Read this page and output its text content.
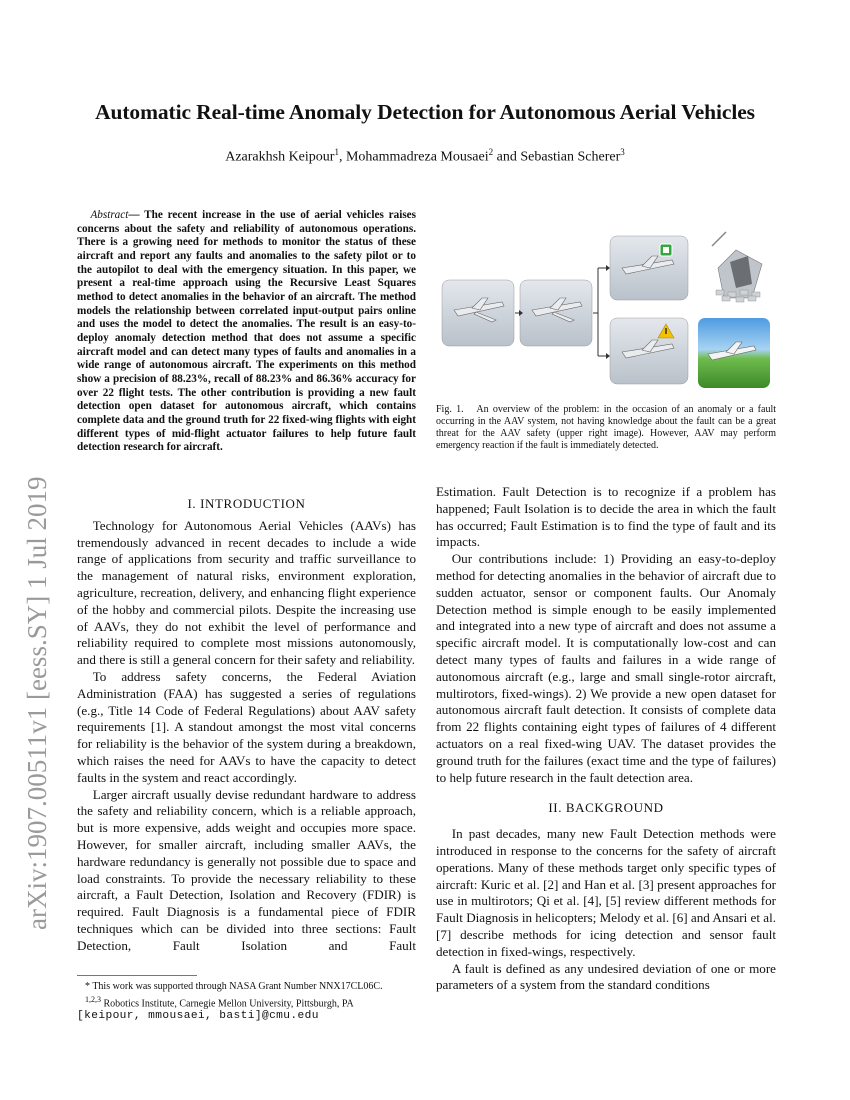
arXiv:1907.00511v1 [eess.SY] 1 Jul 2019
Automatic Real-time Anomaly Detection for Autonomous Aerial Vehicles
Azarakhsh Keipour$^1$, Mohammadreza Mousaei$^2$ and Sebastian Scherer$^3$
Abstract— The recent increase in the use of aerial vehicles raises concerns about the safety and reliability of autonomous operations. There is a growing need for methods to monitor the status of these aircraft and report any faults and anomalies to the safety pilot or to the autopilot to deal with the emergency situation. In this paper, we present a real-time approach using the Recursive Least Squares method to detect anomalies in the behavior of an aircraft. The method models the relationship between correlated input-output pairs online and uses the model to detect the anomalies. The result is an easy-to-deploy anomaly detection method that does not assume a specific aircraft model and can detect many types of faults and anomalies in a wide range of autonomous aircraft. The experiments on this method show a precision of 88.23%, recall of 88.23% and 86.36% accuracy for over 22 flight tests. The other contribution is providing a new fault detection open dataset for autonomous aircraft, which contains complete data and the ground truth for 22 fixed-wing flights with eight different types of mid-flight actuator failures to help future fault detection research for aircraft.
I. INTRODUCTION

Technology for Autonomous Aerial Vehicles (AAVs) has tremendously advanced in recent decades to include a wide range of applications from security and traffic surveillance to the management of natural risks, environment exploration, agriculture, recreation, delivery, and enhancing flight experience of the hobby and commercial pilots. Despite the increasing use of AAVs, they do not exhibit the level of performance and reliability required to complete most missions autonomously, and there is still a general concern for their safety and reliability.

To address safety concerns, the Federal Aviation Administration (FAA) has suggested a series of regulations (e.g., Title 14 Code of Federal Regulations) about AAV safety requirements [1]. A standout amongst the most vital concerns for reliability is the behavior of the system during a breakdown, which raises the need for AAVs to have the capacity to detect faults in the system and react accordingly.

Larger aircraft usually devise redundant hardware to address the safety and reliability concern, which is a reliable approach, but is more expensive, adds weight and occupies more space. However, for smaller aircraft, including smaller AAVs, the hardware redundancy is generally not possible due to space and load constraints. To provide the necessary reliability to these aircraft, a Fault Detection, Isolation and Recovery (FDIR) is required. Fault Diagnosis is a fundamental piece of FDIR techniques which can be divided into three sections: Fault Detection, Fault Isolation and Fault

* This work was supported through NASA Grant Number NNX17CL06C.
$^{1,2,3}$ Robotics Institute, Carnegie Mellon University, Pittsburgh, PA
[keipour, mmousaei, basti]@cmu.edu
Fig. 1. An overview of the problem: in the occasion of an anomaly or a fault occurring in the AAV system, not having knowledge about the fault can be a great threat for the AAV safety (upper right image). However, AAV may perform emergency reaction if the fault is immediately detected.

Estimation. Fault Detection is to recognize if a problem has happened; Fault Isolation is to decide the area in which the fault has occurred; Fault Estimation is to find the type of fault and its impacts.

Our contributions include: 1) Providing an easy-to-deploy method for detecting anomalies in the behavior of aircraft due to sudden actuator, sensor or component faults. Our Anomaly Detection method is simple enough to be easily implemented and integrated into a new type of aircraft and does not assume a specific aircraft model. It is computationally low-cost and can detect many types of faults and failures in a wide range of autonomous aircraft (e.g., large and small single-rotor aircraft, multirotors, fixed-wings). 2) We provide a new open dataset for autonomous aircraft fault detection. It consists of complete data from 22 flights containing eight types of failures of 4 different actuators on a real fixed-wing UAV. The dataset provides the ground truth for the failures (exact time and the type of failures) to help future research in the fault detection area.

II. BACKGROUND

In past decades, many new Fault Detection methods were introduced in response to the concerns for the safety of aircraft operations. Many of these methods target only specific types of aircraft: Kuric et al. [2] and Han et al. [3] present approaches for use in multirotors; Qi et al. [4], [5] review different methods for Fault Diagnosis in helicopters; Melody et al. [6] and Ansari et al. [7] describe methods for icing detection and sensor fault detection in fixed-wings, respectively.

A fault is defined as any undesired deviation of one or more parameters of a system from the standard conditions
